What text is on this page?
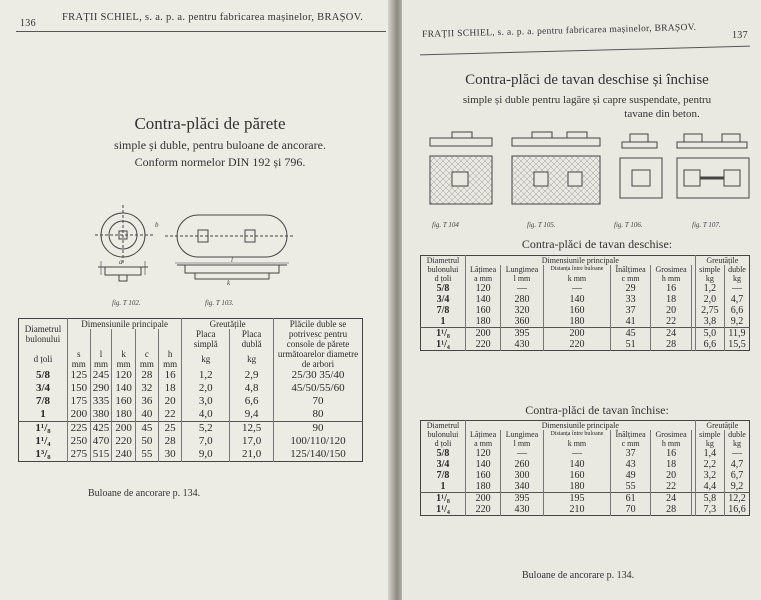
136
FRAȚII SCHIEL, s. a. p. a. pentru fabricarea mașinelor, BRAȘOV.
Contra-plăci de părete
simple și duble, pentru buloane de ancorare.
Conform normelor DIN 192 și 796.
a	l
k
b
fig. T 102.	fig. T 103.
Diametrul bulonului	Dimensiunile principale					Greutățile		Plăcile duble se potrivesc pentru console de părete următoarelor diametre de arbori
						Placa simplă	Placa dublă	
d țoli	s mm	l mm	k mm	c mm	h mm	kg	kg	
5/8	125	245	120	28	16	1,2	2,9	25/30 35/40
3/4	150	290	140	32	18	2,0	4,8	45/50/55/60
7/8	175	335	160	36	20	3,0	6,6	70
1	200	380	180	40	22	4,0	9,4	80
1¹/₈	225	425	200	45	25	5,2	12,5	90
1¹/₄	250	470	220	50	28	7,0	17,0	100/110/120
1³/₈	275	515	240	55	30	9,0	21,0	125/140/150
Buloane de ancorare p. 134.
FRAȚII SCHIEL, s. a. p. a. pentru fabricarea mașinelor, BRAȘOV.	137
Contra-plăci de tavan deschise și închise
simple și duble pentru lagăre și capre suspendate, pentru
tavane din beton.
fig. T 104	fig. T 105.	fig. T 106.	fig. T 107.
Contra-plăci de tavan deschise:
Diametrul bulonului	Dimensiunile principale						Greutățile	
	Lățimea	Lungimea	Distanța între buloane	Înălțimea	Grosimea		simple	duble
d țoli	a mm	l mm	k mm	c mm	h mm		kg	kg
5/8	120	—	—	29	16		1,2	—
3/4	140	280	140	33	18		2,0	4,7
7/8	160	320	160	37	20		2,75	6,6
1	180	360	180	41	22		3,8	9,2
1¹/₈	200	395	200	45	24		5,0	11,9
1¹/₄	220	430	220	51	28		6,6	15,5
Contra-plăci de tavan închise:
Diametrul bulonului	Dimensiunile principale						Greutățile	
	Lățimea	Lungimea	Distanța între buloane	Înălțimea	Grosimea		simple	duble
d țoli	a mm	l mm	k mm	c mm	h mm		kg	kg
5/8	120	—	—	37	16		1,4	—
3/4	140	260	140	43	18		2,2	4,7
7/8	160	300	160	49	20		3,2	6,7
1	180	340	180	55	22		4,4	9,2
1¹/₈	200	395	195	61	24		5,8	12,2
1¹/₄	220	430	210	70	28		7,3	16,6
Buloane de ancorare p. 134.
